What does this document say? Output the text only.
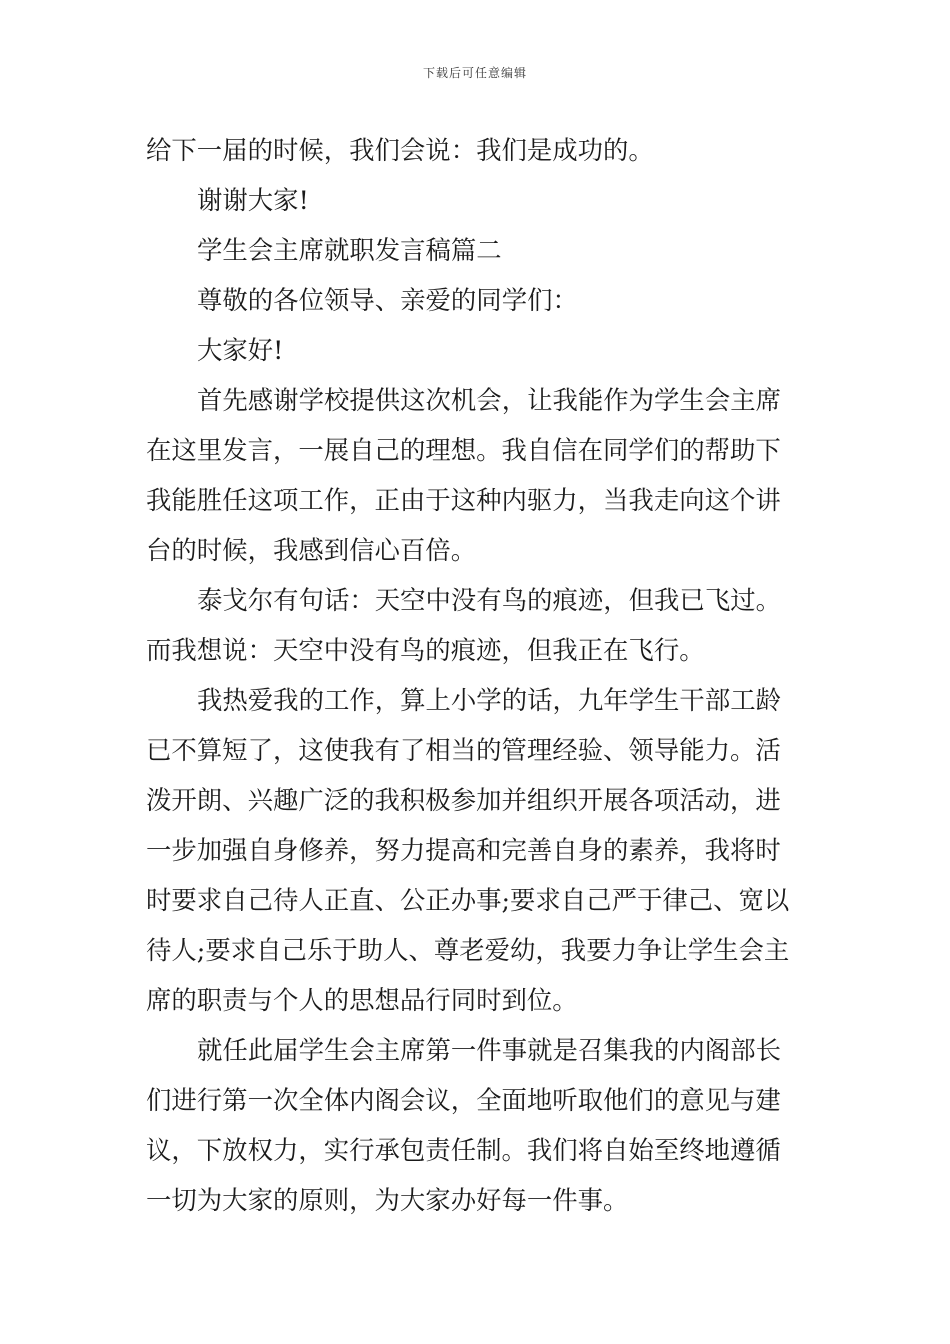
下载后可任意编辑
给下一届的时候，我们会说：我们是成功的。
谢谢大家!
学生会主席就职发言稿篇二
尊敬的各位领导、亲爱的同学们：
大家好!
首先感谢学校提供这次机会，让我能作为学生会主席
在这里发言，一展自己的理想。我自信在同学们的帮助下
我能胜任这项工作，正由于这种内驱力，当我走向这个讲
台的时候，我感到信心百倍。
泰戈尔有句话：天空中没有鸟的痕迹，但我已飞过。
而我想说：天空中没有鸟的痕迹，但我正在飞行。
我热爱我的工作，算上小学的话，九年学生干部工龄
已不算短了，这使我有了相当的管理经验、领导能力。活
泼开朗、兴趣广泛的我积极参加并组织开展各项活动，进
一步加强自身修养，努力提高和完善自身的素养，我将时
时要求自己待人正直、公正办事;要求自己严于律己、宽以
待人;要求自己乐于助人、尊老爱幼，我要力争让学生会主
席的职责与个人的思想品行同时到位。
就任此届学生会主席第一件事就是召集我的内阁部长
们进行第一次全体内阁会议，全面地听取他们的意见与建
议，下放权力，实行承包责任制。我们将自始至终地遵循
一切为大家的原则，为大家办好每一件事。
